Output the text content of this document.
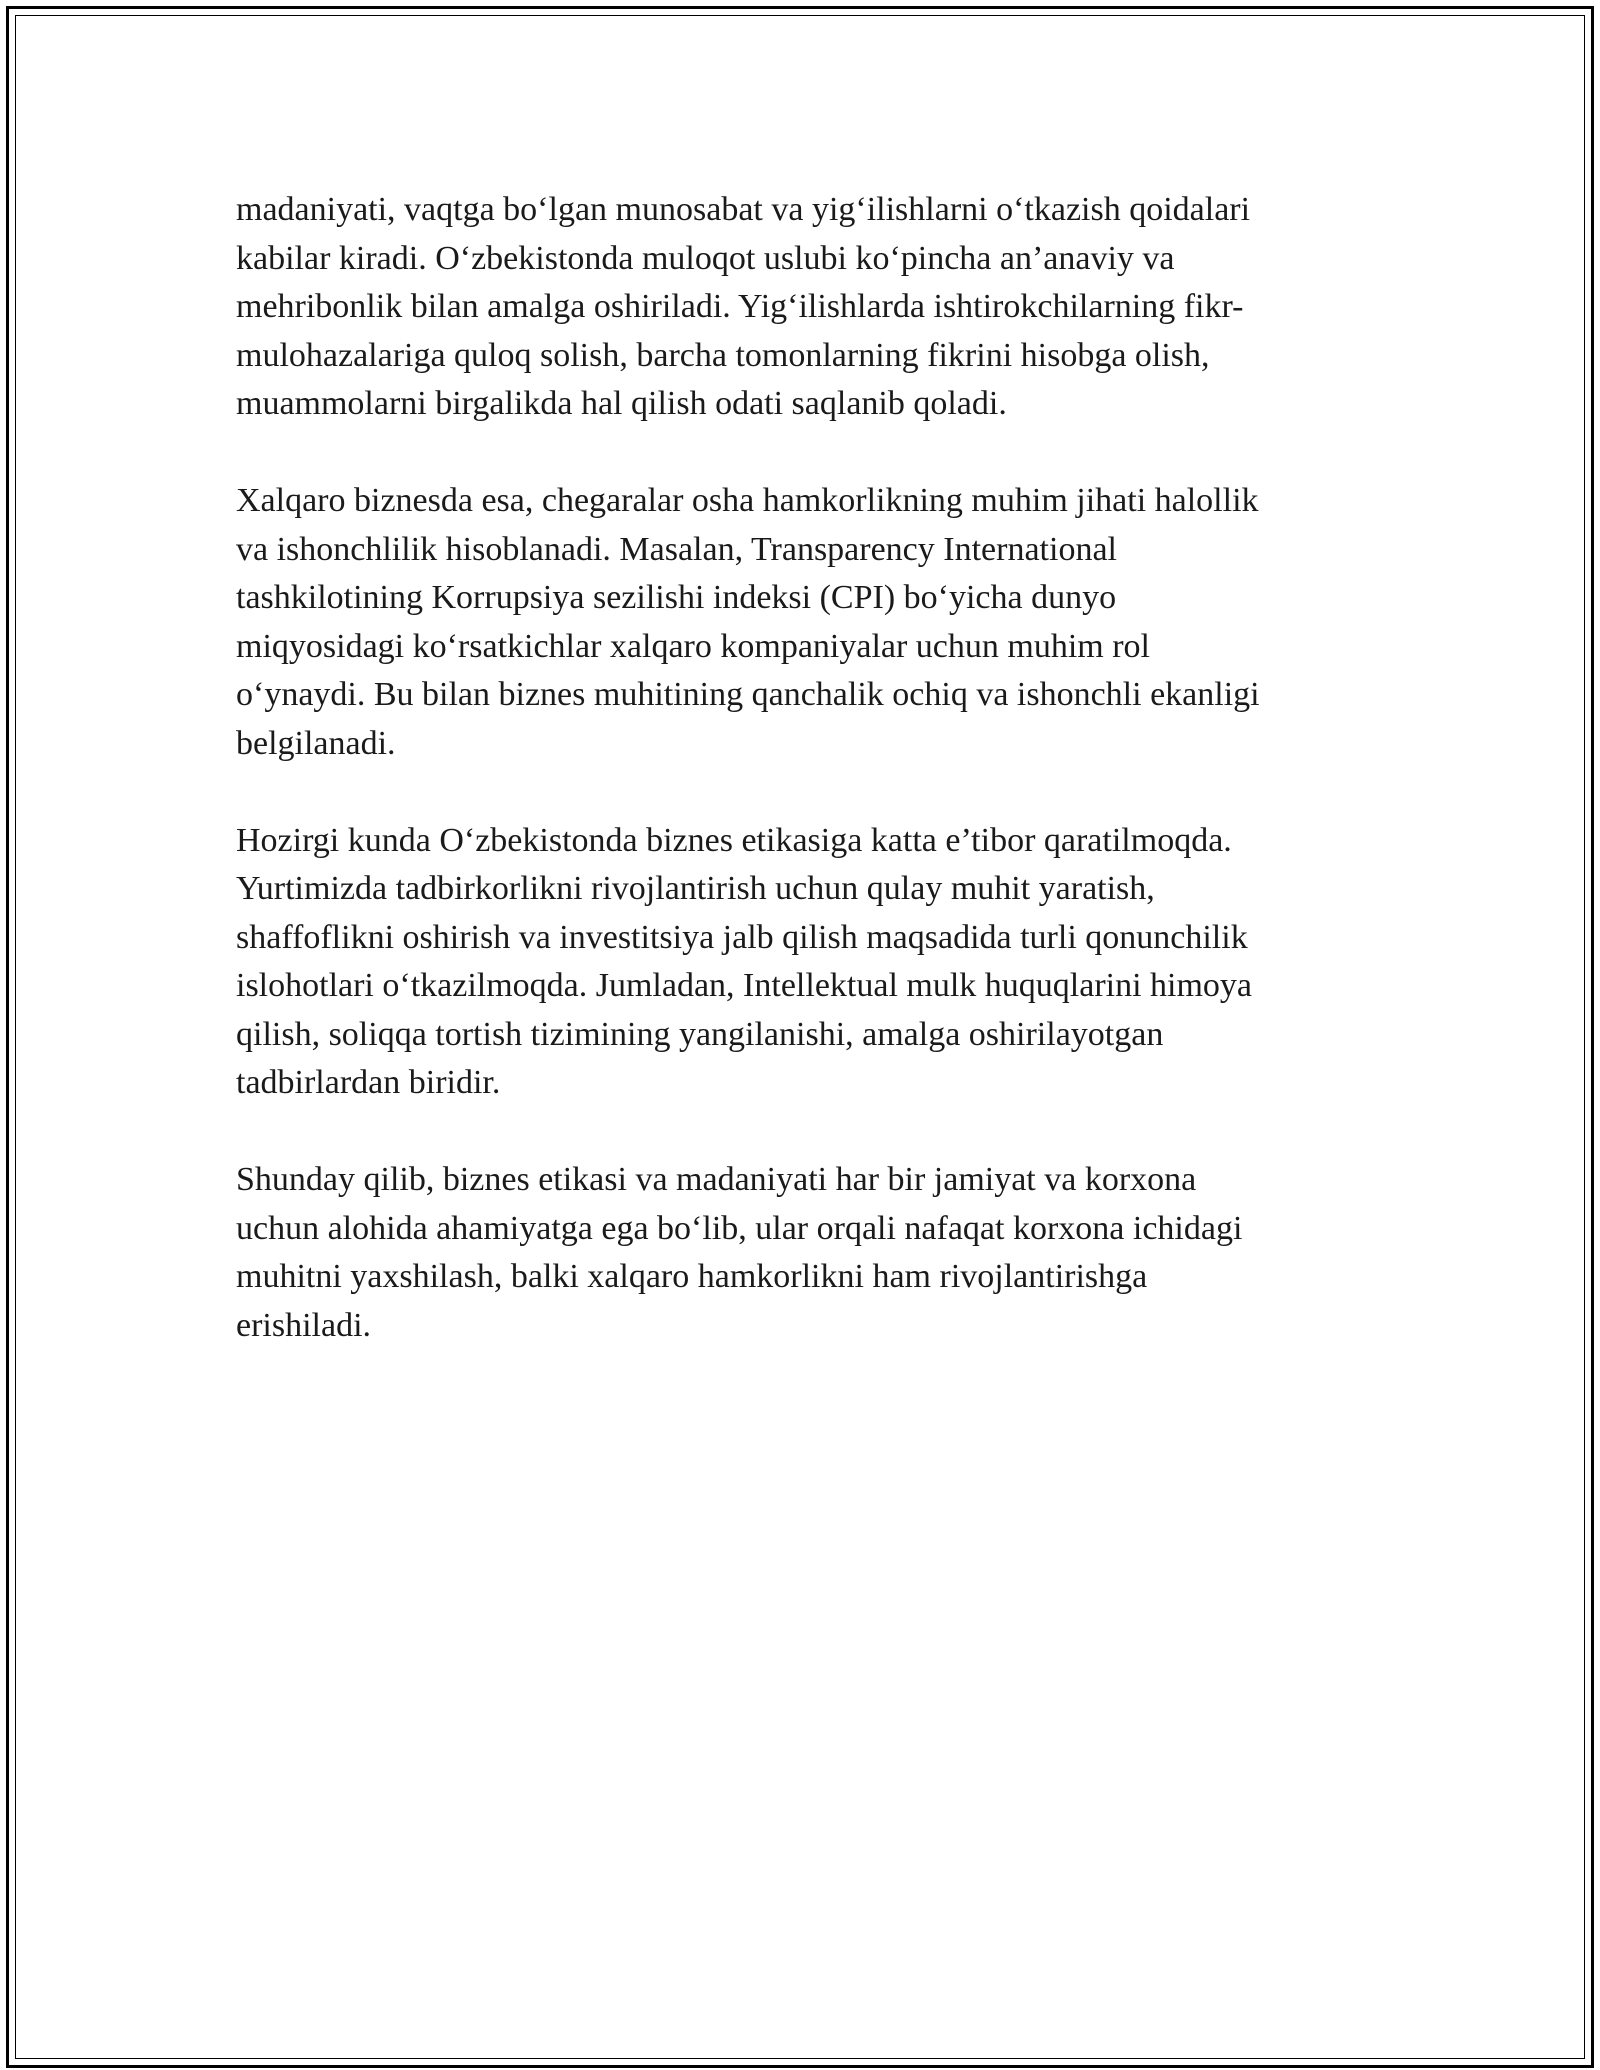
madaniyati, vaqtga bo‘lgan munosabat va yig‘ilishlarni o‘tkazish qoidalari
kabilar kiradi. O‘zbekistonda muloqot uslubi ko‘pincha an’anaviy va
mehribonlik bilan amalga oshiriladi. Yig‘ilishlarda ishtirokchilarning fikr-
mulohazalariga quloq solish, barcha tomonlarning fikrini hisobga olish,
muammolarni birgalikda hal qilish odati saqlanib qoladi.

Xalqaro biznesda esa, chegaralar osha hamkorlikning muhim jihati halollik
va ishonchlilik hisoblanadi. Masalan, Transparency International
tashkilotining Korrupsiya sezilishi indeksi (CPI) bo‘yicha dunyo
miqyosidagi ko‘rsatkichlar xalqaro kompaniyalar uchun muhim rol
o‘ynaydi. Bu bilan biznes muhitining qanchalik ochiq va ishonchli ekanligi
belgilanadi.

Hozirgi kunda O‘zbekistonda biznes etikasiga katta e’tibor qaratilmoqda.
Yurtimizda tadbirkorlikni rivojlantirish uchun qulay muhit yaratish,
shaffoflikni oshirish va investitsiya jalb qilish maqsadida turli qonunchilik
islohotlari o‘tkazilmoqda. Jumladan, Intellektual mulk huquqlarini himoya
qilish, soliqqa tortish tizimining yangilanishi, amalga oshirilayotgan
tadbirlardan biridir.

Shunday qilib, biznes etikasi va madaniyati har bir jamiyat va korxona
uchun alohida ahamiyatga ega bo‘lib, ular orqali nafaqat korxona ichidagi
muhitni yaxshilash, balki xalqaro hamkorlikni ham rivojlantirishga
erishiladi.
